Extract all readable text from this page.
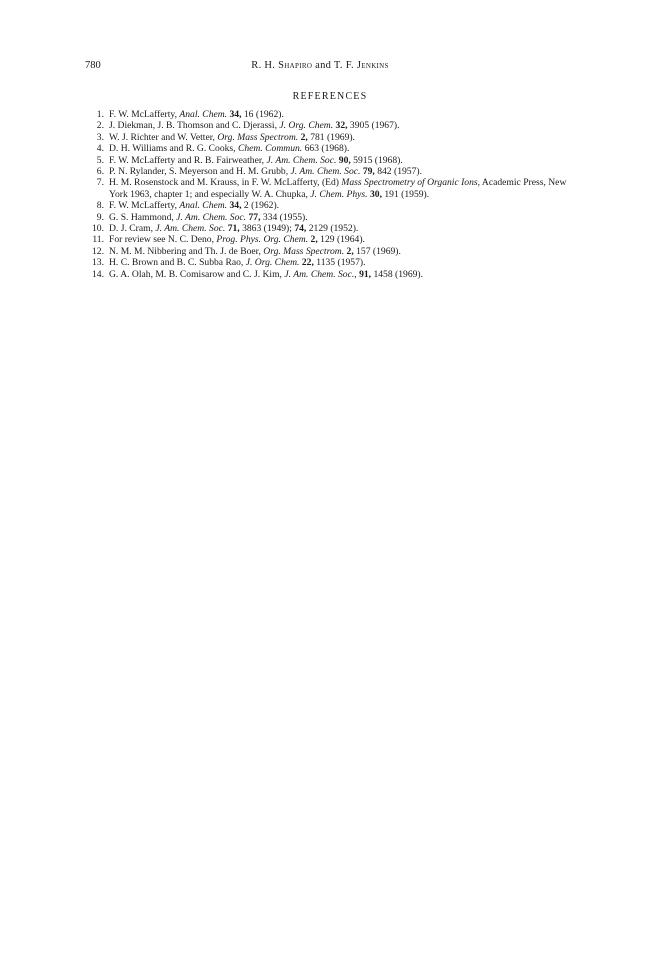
780	R. H. Shapiro and T. F. Jenkins
REFERENCES
1. F. W. McLafferty, Anal. Chem. 34, 16 (1962).
2. J. Diekman, J. B. Thomson and C. Djerassi, J. Org. Chem. 32, 3905 (1967).
3. W. J. Richter and W. Vetter, Org. Mass Spectrom. 2, 781 (1969).
4. D. H. Williams and R. G. Cooks, Chem. Commun. 663 (1968).
5. F. W. McLafferty and R. B. Fairweather, J. Am. Chem. Soc. 90, 5915 (1968).
6. P. N. Rylander, S. Meyerson and H. M. Grubb, J. Am. Chem. Soc. 79, 842 (1957).
7. H. M. Rosenstock and M. Krauss, in F. W. McLafferty, (Ed) Mass Spectrometry of Organic Ions, Academic Press, New York 1963, chapter 1; and especially W. A. Chupka, J. Chem. Phys. 30, 191 (1959).
8. F. W. McLafferty, Anal. Chem. 34, 2 (1962).
9. G. S. Hammond, J. Am. Chem. Soc. 77, 334 (1955).
10. D. J. Cram, J. Am. Chem. Soc. 71, 3863 (1949); 74, 2129 (1952).
11. For review see N. C. Deno, Prog. Phys. Org. Chem. 2, 129 (1964).
12. N. M. M. Nibbering and Th. J. de Boer, Org. Mass Spectrom. 2, 157 (1969).
13. H. C. Brown and B. C. Subba Rao, J. Org. Chem. 22, 1135 (1957).
14. G. A. Olah, M. B. Comisarow and C. J. Kim, J. Am. Chem. Soc., 91, 1458 (1969).
